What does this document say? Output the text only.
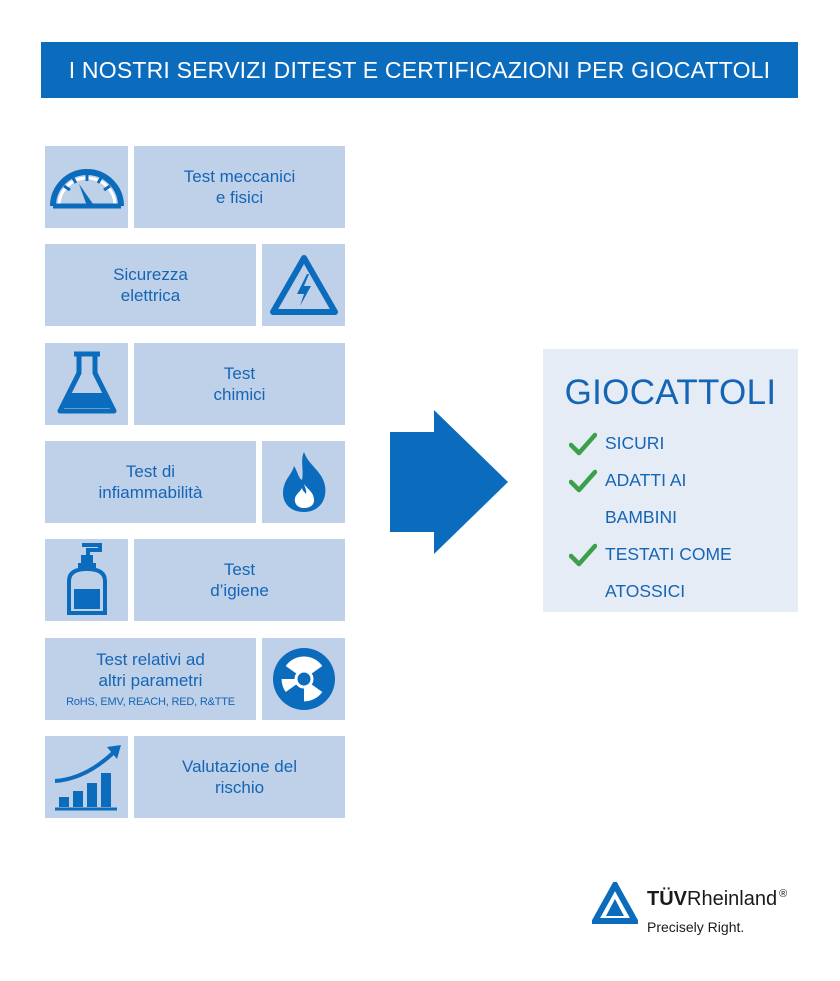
I NOSTRI SERVIZI DITEST E CERTIFICAZIONI PER GIOCATTOLI
Test meccanici
e fisici
Sicurezza
elettrica
Test
chimici
Test di
infiammabilità
Test
d’igiene
Test relativi ad
altri parametri
RoHS, EMV, REACH, RED, R&TTE
Valutazione del
rischio
GIOCATTOLI
SICURI
ADATTI AI
BAMBINI
TESTATI COME
ATOSSICI
TÜVRheinland ®
Precisely Right.
